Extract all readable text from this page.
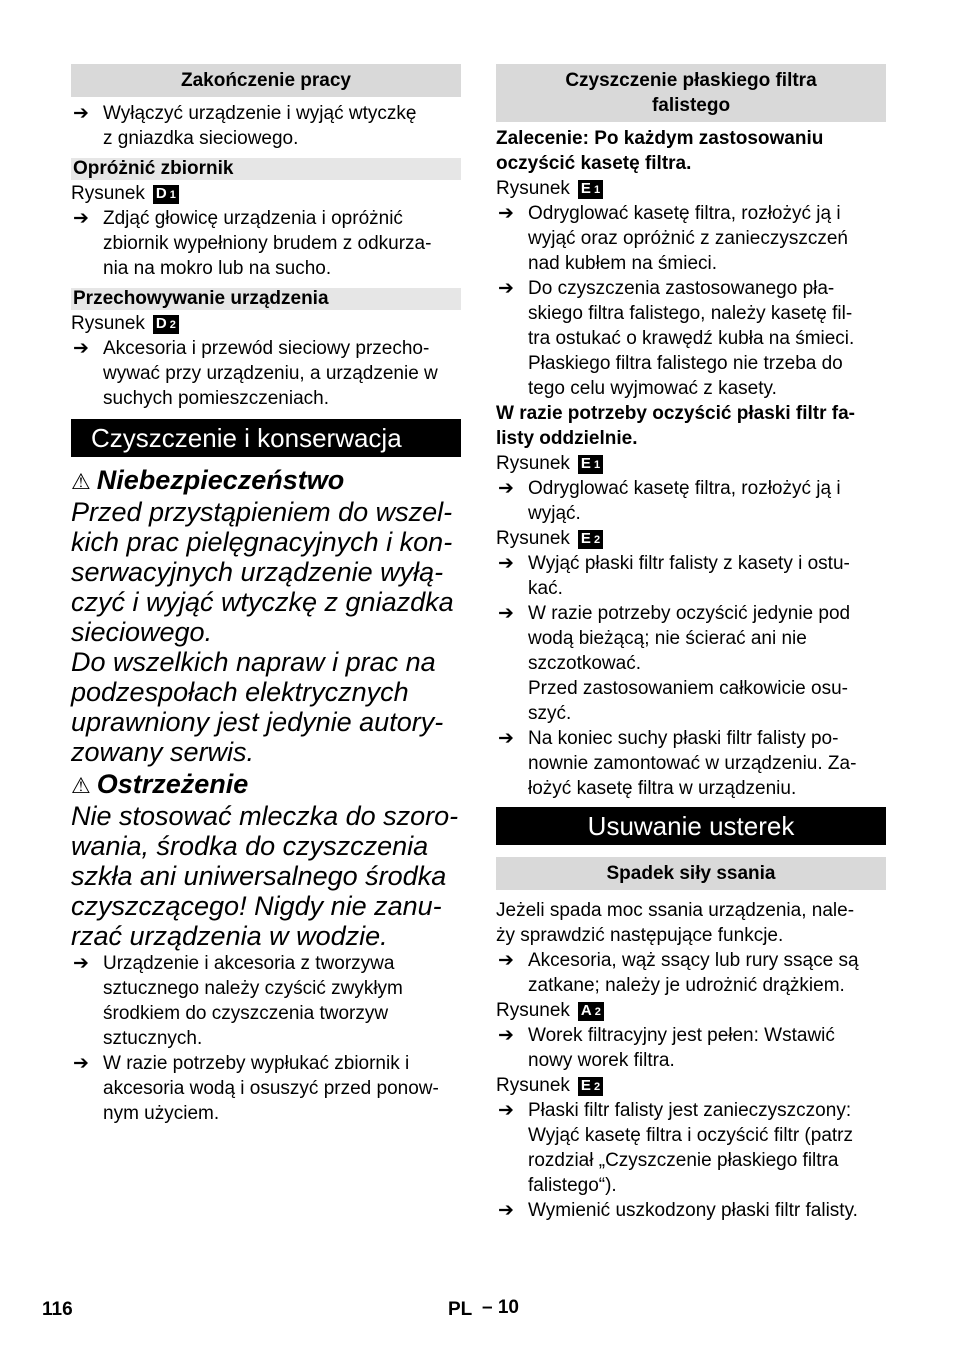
Zakończenie pracy
➔ Wyłączyć urządzenie i wyjąć wtyczkę
z gniazdka sieciowego.
Opróżnić zbiornik
Rysunek D 1
➔ Zdjąć głowicę urządzenia i opróżnić
zbiornik wypełniony brudem z odkurza-
nia na mokro lub na sucho.
Przechowywanie urządzenia
Rysunek D 2
➔ Akcesoria i przewód sieciowy przecho-
wywać przy urządzeniu, a urządzenie w
suchych pomieszczeniach.
Czyszczenie i konserwacja
⚠ Niebezpieczeństwo
Przed przystąpieniem do wszel-
kich prac pielęgnacyjnych i kon-
serwacyjnych urządzenie wyłą-
czyć i wyjąć wtyczkę z gniazdka
sieciowego.
Do wszelkich napraw i prac na
podzespołach elektrycznych
uprawniony jest jedynie autory-
zowany serwis.
⚠ Ostrzeżenie
Nie stosować mleczka do szoro-
wania, środka do czyszczenia
szkła ani uniwersalnego środka
czyszczącego! Nigdy nie zanu-
rzać urządzenia w wodzie.
➔ Urządzenie i akcesoria z tworzywa
sztucznego należy czyścić zwykłym
środkiem do czyszczenia tworzyw
sztucznych.
➔ W razie potrzeby wypłukać zbiornik i
akcesoria wodą i osuszyć przed ponow-
nym użyciem.
Czyszczenie płaskiego filtra
falistego
Zalecenie: Po każdym zastosowaniu
oczyścić kasetę filtra.
Rysunek E 1
➔ Odryglować kasetę filtra, rozłożyć ją i
wyjąć oraz opróżnić z zanieczyszczeń
nad kubłem na śmieci.
➔ Do czyszczenia zastosowanego pła-
skiego filtra falistego, należy kasetę fil-
tra ostukać o krawędź kubła na śmieci.
Płaskiego filtra falistego nie trzeba do
tego celu wyjmować z kasety.
W razie potrzeby oczyścić płaski filtr fa-
listy oddzielnie.
Rysunek E 1
➔ Odryglować kasetę filtra, rozłożyć ją i
wyjąć.
Rysunek E 2
➔ Wyjąć płaski filtr falisty z kasety i ostu-
kać.
➔ W razie potrzeby oczyścić jedynie pod
wodą bieżącą; nie ścierać ani nie
szczotkować.
Przed zastosowaniem całkowicie osu-
szyć.
➔ Na koniec suchy płaski filtr falisty po-
nownie zamontować w urządzeniu. Za-
łożyć kasetę filtra w urządzeniu.
Usuwanie usterek
Spadek siły ssania
Jeżeli spada moc ssania urządzenia, nale-
ży sprawdzić następujące funkcje.
➔ Akcesoria, wąż ssący lub rury ssące są
zatkane; należy je udrożnić drążkiem.
Rysunek A 2
➔ Worek filtracyjny jest pełen: Wstawić
nowy worek filtra.
Rysunek E 2
➔ Płaski filtr falisty jest zanieczyszczony:
Wyjąć kasetę filtra i oczyścić filtr (patrz
rozdział „Czyszczenie płaskiego filtra
falistego“).
➔ Wymienić uszkodzony płaski filtr falisty.
116	PL – 10
